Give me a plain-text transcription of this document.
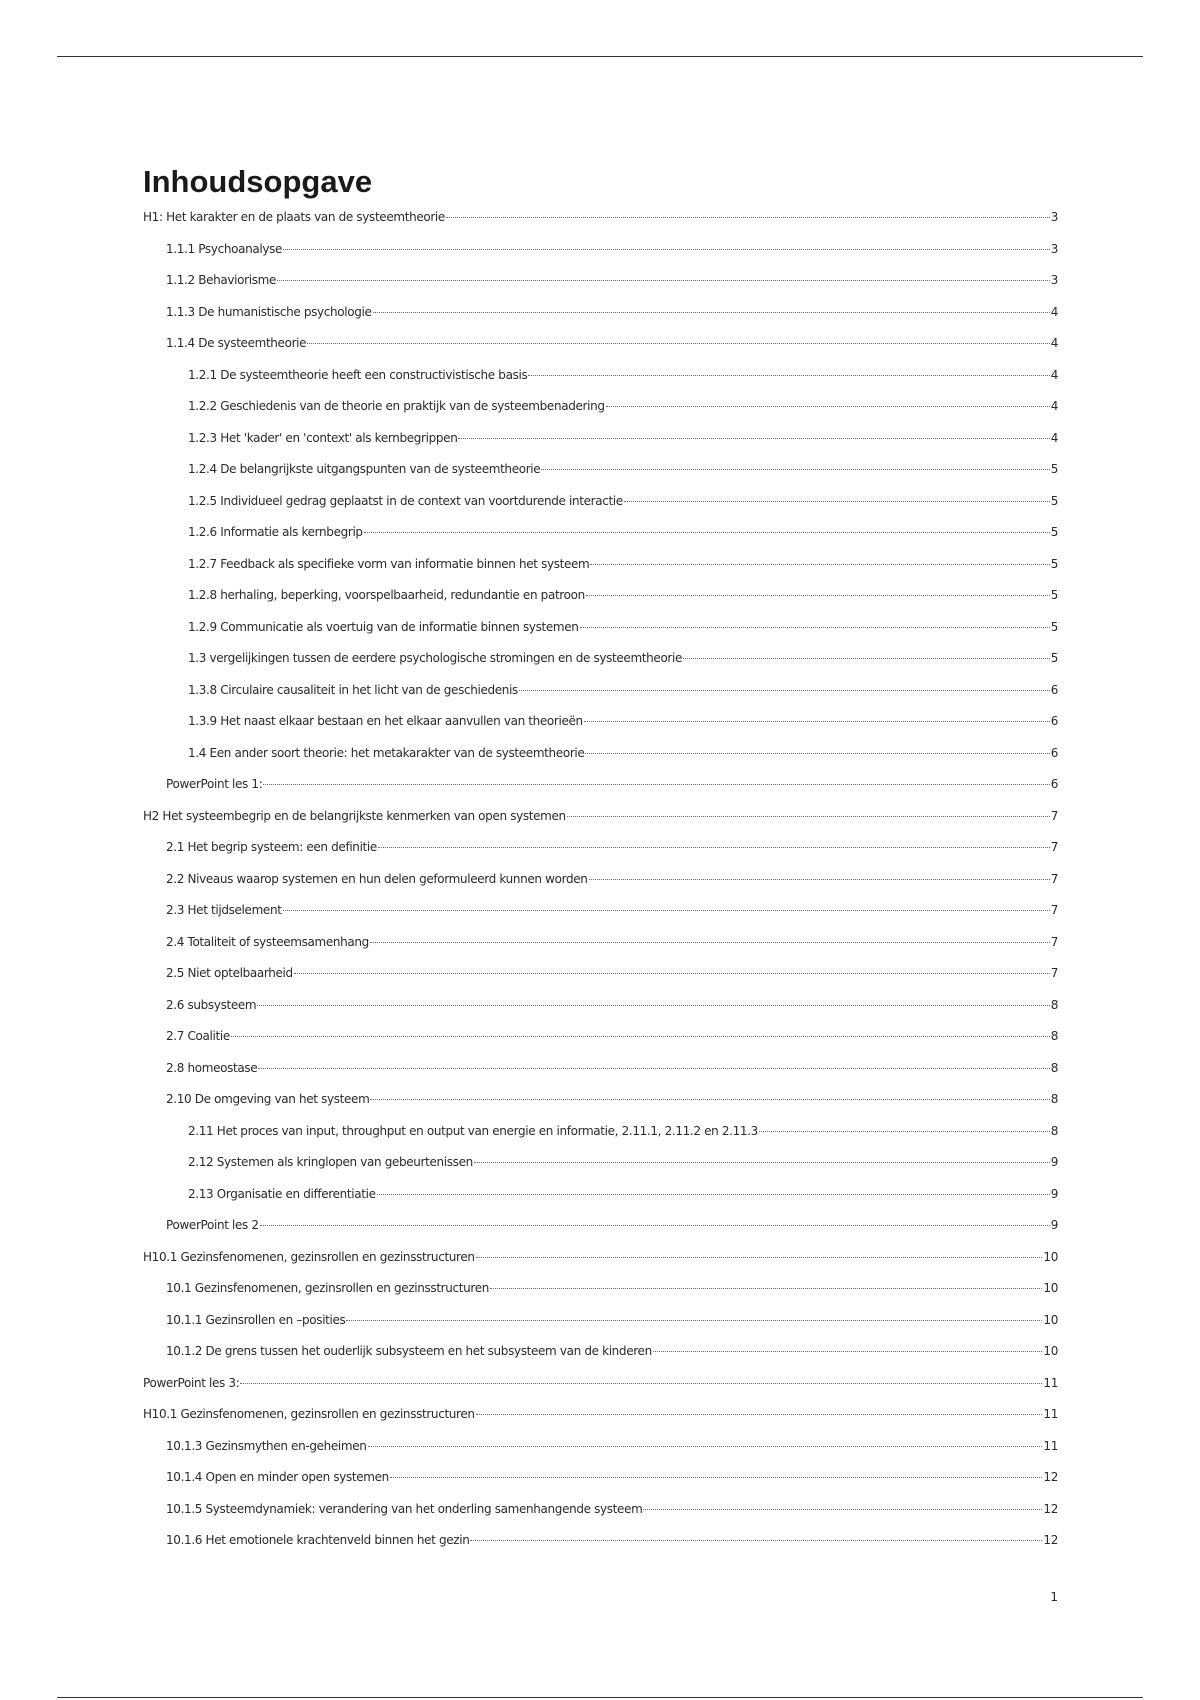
Inhoudsopgave
H1: Het karakter en de plaats van de systeemtheorie	3
1.1.1 Psychoanalyse	3
1.1.2 Behaviorisme	3
1.1.3 De humanistische psychologie	4
1.1.4 De systeemtheorie	4
1.2.1 De systeemtheorie heeft een constructivistische basis	4
1.2.2 Geschiedenis van de theorie en praktijk van de systeembenadering	4
1.2.3 Het 'kader' en 'context' als kernbegrippen	4
1.2.4 De belangrijkste uitgangspunten van de systeemtheorie	5
1.2.5 Individueel gedrag geplaatst in de context van voortdurende interactie	5
1.2.6 Informatie als kernbegrip	5
1.2.7 Feedback als specifieke vorm van informatie binnen het systeem	5
1.2.8 herhaling, beperking, voorspelbaarheid, redundantie en patroon	5
1.2.9 Communicatie als voertuig van de informatie binnen systemen	5
1.3 vergelijkingen tussen de eerdere psychologische stromingen en de systeemtheorie	5
1.3.8 Circulaire causaliteit in het licht van de geschiedenis	6
1.3.9 Het naast elkaar bestaan en het elkaar aanvullen van theorieën	6
1.4 Een ander soort theorie: het metakarakter van de systeemtheorie	6
PowerPoint les 1:	6
H2 Het systeembegrip en de belangrijkste kenmerken van open systemen	7
2.1 Het begrip systeem: een definitie	7
2.2 Niveaus waarop systemen en hun delen geformuleerd kunnen worden	7
2.3 Het tijdselement	7
2.4 Totaliteit of systeemsamenhang	7
2.5 Niet optelbaarheid	7
2.6 subsysteem	8
2.7 Coalitie	8
2.8 homeostase	8
2.10 De omgeving van het systeem	8
2.11 Het proces van input, throughput en output van energie en informatie, 2.11.1, 2.11.2 en 2.11.3	8
2.12 Systemen als kringlopen van gebeurtenissen	9
2.13 Organisatie en differentiatie	9
PowerPoint les 2	9
H10.1 Gezinsfenomenen, gezinsrollen en gezinsstructuren	10
10.1 Gezinsfenomenen, gezinsrollen en gezinsstructuren	10
10.1.1 Gezinsrollen en –posities	10
10.1.2 De grens tussen het ouderlijk subsysteem en het subsysteem van de kinderen	10
PowerPoint les 3:	11
H10.1 Gezinsfenomenen, gezinsrollen en gezinsstructuren	11
10.1.3 Gezinsmythen en-geheimen	11
10.1.4 Open en minder open systemen	12
10.1.5 Systeemdynamiek: verandering van het onderling samenhangende systeem	12
10.1.6 Het emotionele krachtenveld binnen het gezin	12
1
